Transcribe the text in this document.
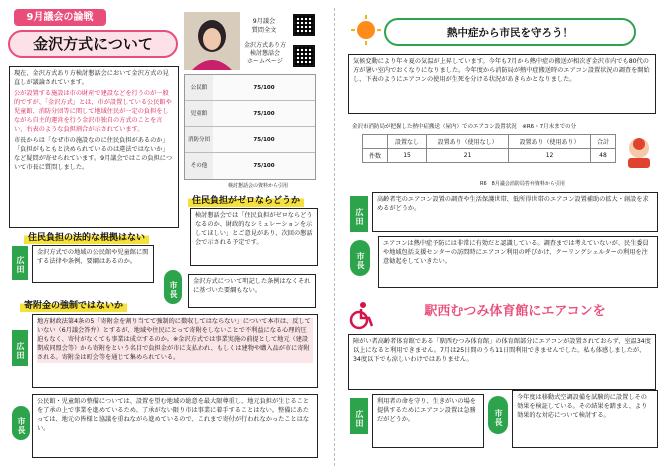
9月議会の論戦
金沢方式について
9月議会
質問全文
金沢方式あり方
検討懇話会
ホームページ

現在、金沢方式あり方検討懇話会において金沢方式の見直しが議論されています。

公が設置する施設は市の財産で建設などを行うのが一般的ですが、「金沢方式」とは、市が設置している公民館や児童館、消防分団等に関して地域住民が一定の負担をしながら自主的運営を行う金沢市独自の方式のことを言い、右表のような負担割合が示されています。

市長からは「なぜ市の施設なのに住民負担があるのか」「負担がもともと決められているのは違法ではないか」など疑問が寄せられています。9月議会ではこの負担について市長に質問しました。

公民館	75/100
児童館	75/100
消防分団	75/100
その他	75/100
検討懇話会の資料から引用
住民負担がゼロならどうか

検討懇話会では「住民負担がゼロならどうなるのか、財政的なシミュレーションを示してほしい」とご意見があり、次回の懇話会で示される予定です。

住民負担の法的な根拠はない
広田

金沢方式での地域の公民館や児童館に関する法律や条例、要綱はあるのか。

市長	金沢方式について明記した条例はなくそれに基づいた要綱もない。

寄附金の強制ではないか
広田

地方財政法第4条の5「寄附金を割り当てて強制的に徴収してはならない」について本市は、反していない（6月議会答弁）とするが、地域や住民にとって寄附をしないことで不利益になる心理的圧迫もなく、寄付がなくても事業は成立するのか。※金沢方式では事業実施の前提として地元（建設期成同盟会等）から寄附をという名目で負担金が市に支払われ、もしくは建物や購入品が市に寄附される。寄附金は町会等を通じて集められている。

市長

公民館・児童館の整備については、設置を望む地域の総意を最大限尊重し、地元負担が生じることを了承の上で事業を進めているため、了承がない限り市は事業に着手することはない。整備にあたっては、地元の皆様と協議を重ねながら進めているので、これまで寄付が行われなかったことはない。

熱中症から市民を守ろう！

気候変動により年々夏の気温が上昇しています。今年も7月から熱中症の搬送が相次ぎ金沢市内でも80代の方が暑い室内でおくなりになりました。今年度から消防局が熱中症搬送時のエアコン設置状況の調査を開始し、下表のようにエアコンの使用が生死を分ける状況があきらかとなりました。

金沢市消防局が把握した熱中症搬送（屋内）でのエアコン設置状況　※R6・7月末までの分
	設置なし	設置あり（使用なし）	設置あり（使用あり）	合計
件数	15	21	12	48
R6　8月議会消防局答弁資料から引用
広田

高齢者宅のエアコン設置の調査や生活保護世帯、低所得世帯のエアコン設置補助の拡大・創設を求めるがどうか。

市長

エアコンは熱中症予防には非常に有効だと認識している。調査までは考えていないが、民生委員や地域包括支援センターの訪問時にエアコン利用の呼びかけ、クーリングシェルターの利用を注意勧起をしていきたい。

駅西むつみ体育館にエアコンを

障がい者高齢者体育館である「駅西むつみ体育館」の体育館部分にエアコンが設置されておらず、室温34度以上になると利用できません。7月は25日間のうち11日間利用できませんでした。私も体感しましたが、34度以下でも涼しいわけではありません。

広田

利用者の命を守り、生きがいの場を提供するためにエアコン設置は急務だがどうか。	市長

今年度は移動式空調設備を試験的に設置しその効果を検証している。その結果を踏まえ、より効果的な対応について検討する。
